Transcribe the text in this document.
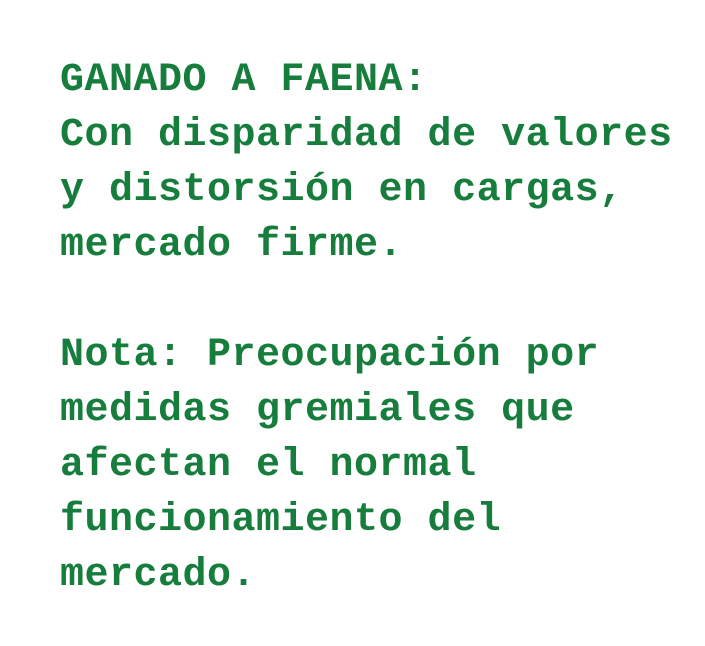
GANADO A FAENA:
Con disparidad de valores
y distorsión en cargas,
mercado firme.
Nota: Preocupación por
medidas gremiales que
afectan el normal
funcionamiento del
mercado.
